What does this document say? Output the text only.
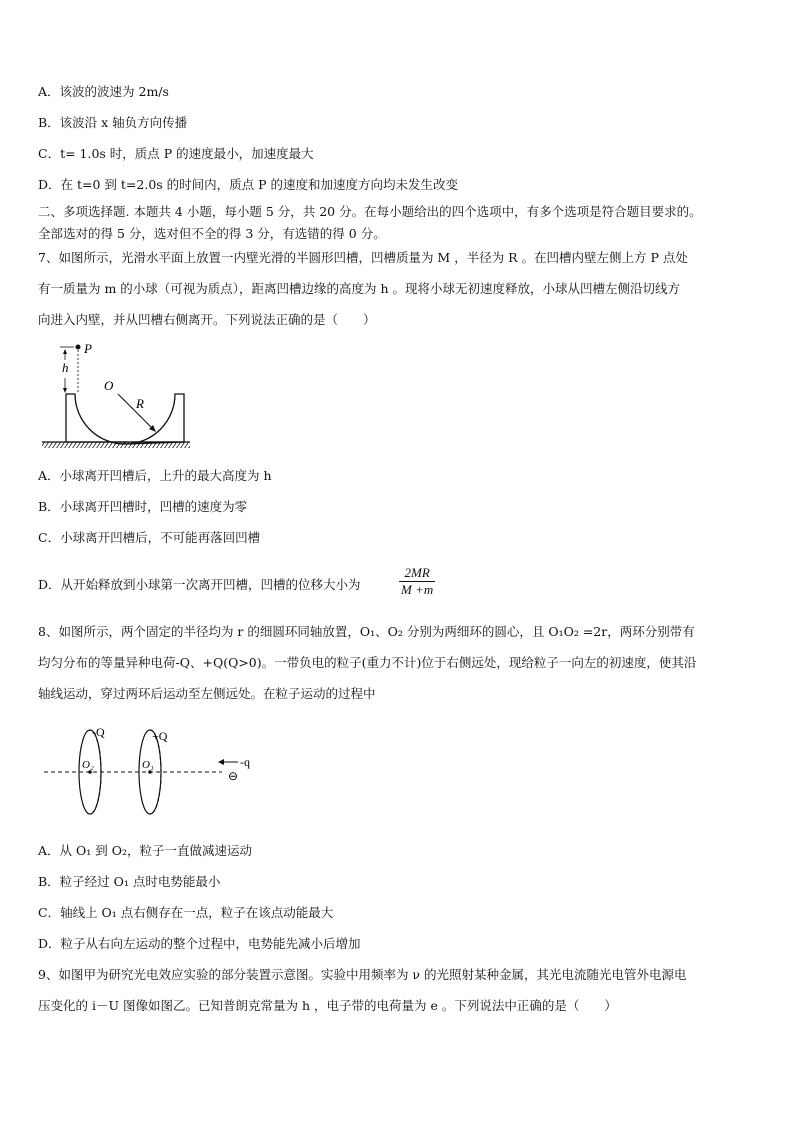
A．该波的波速为 2m/s
B．该波沿 x 轴负方向传播
C．t= 1.0s 时，质点 P 的速度最小，加速度最大
D．在 t=0 到 t=2.0s 的时间内，质点 P 的速度和加速度方向均未发生改变
二、多项选择题. 本题共 4 小题，每小题 5 分，共 20 分。在每小题给出的四个选项中，有多个选项是符合题目要求的。
全部选对的得 5 分，选对但不全的得 3 分，有选错的得 0 分。
7、如图所示，光滑水平面上放置一内壁光滑的半圆形凹槽，凹槽质量为 M ，半径为 R 。在凹槽内壁左侧上方 P 点处
有一质量为 m 的小球（可视为质点），距离凹槽边缘的高度为 h 。现将小球无初速度释放，小球从凹槽左侧沿切线方
向进入内壁，并从凹槽右侧离开。下列说法正确的是（　　）
P
h
O
R
A．小球离开凹槽后，上升的最大高度为 h
B．小球离开凹槽时，凹槽的速度为零
C．小球离开凹槽后，不可能再落回凹槽
D．从开始释放到小球第一次离开凹槽，凹槽的位移大小为	$\frac{2MR}{M +m}$
8、如图所示，两个固定的半径均为 r 的细圆环同轴放置，O₁、O₂ 分别为两细环的圆心，且 O₁O₂ =2r，两环分别带有
均匀分布的等量异种电荷-Q、+Q(Q>0)。一带负电的粒子(重力不计)位于右侧远处，现给粒子一向左的初速度，使其沿
轴线运动，穿过两环后运动至左侧远处。在粒子运动的过程中
-Q
O₂
+Q
O₁	-q
⊖
A．从 O₁ 到 O₂，粒子一直做减速运动
B．粒子经过 O₁ 点时电势能最小
C．轴线上 O₁ 点右侧存在一点，粒子在该点动能最大
D．粒子从右向左运动的整个过程中，电势能先减小后增加
9、如图甲为研究光电效应实验的部分装置示意图。实验中用频率为 ν 的光照射某种金属，其光电流随光电管外电源电
压变化的 i－U 图像如图乙。已知普朗克常量为 h ，电子带的电荷量为 e 。下列说法中正确的是（　　）
